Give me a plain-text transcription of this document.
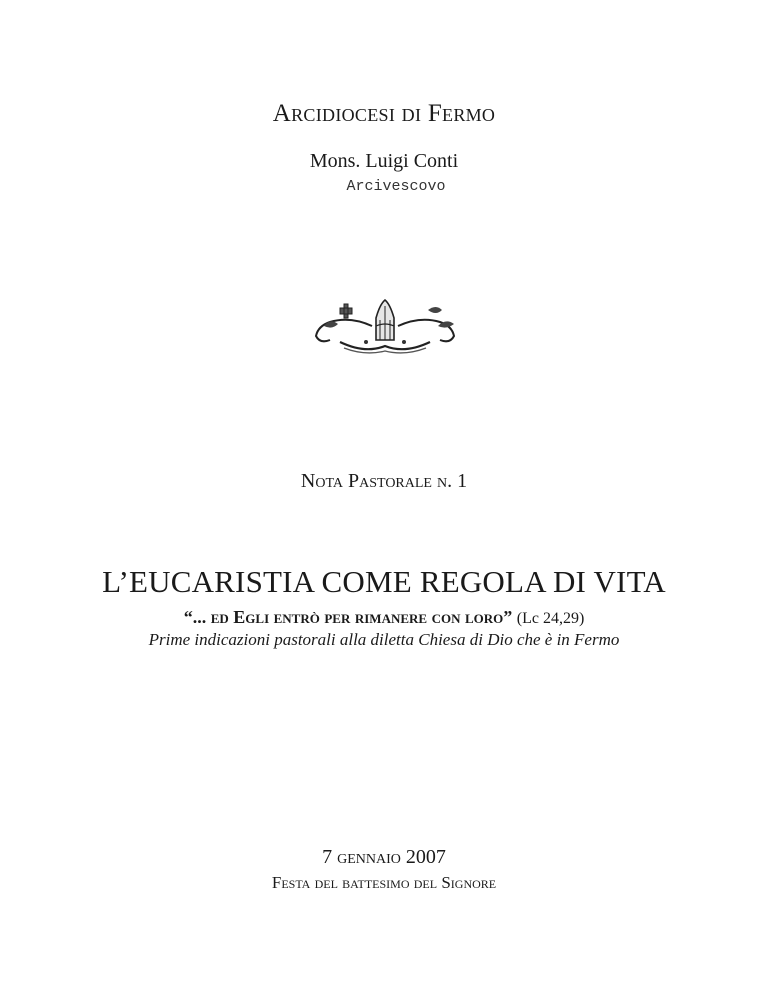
Arcidiocesi di Fermo
Mons. Luigi Conti
Arcivescovo
Nota Pastorale n. 1
L’EUCARISTIA COME REGOLA DI VITA
“... ed Egli entrò per rimanere con loro” (Lc 24,29)
Prime indicazioni pastorali alla diletta Chiesa di Dio che è in Fermo
7 gennaio 2007
Festa del battesimo del Signore
